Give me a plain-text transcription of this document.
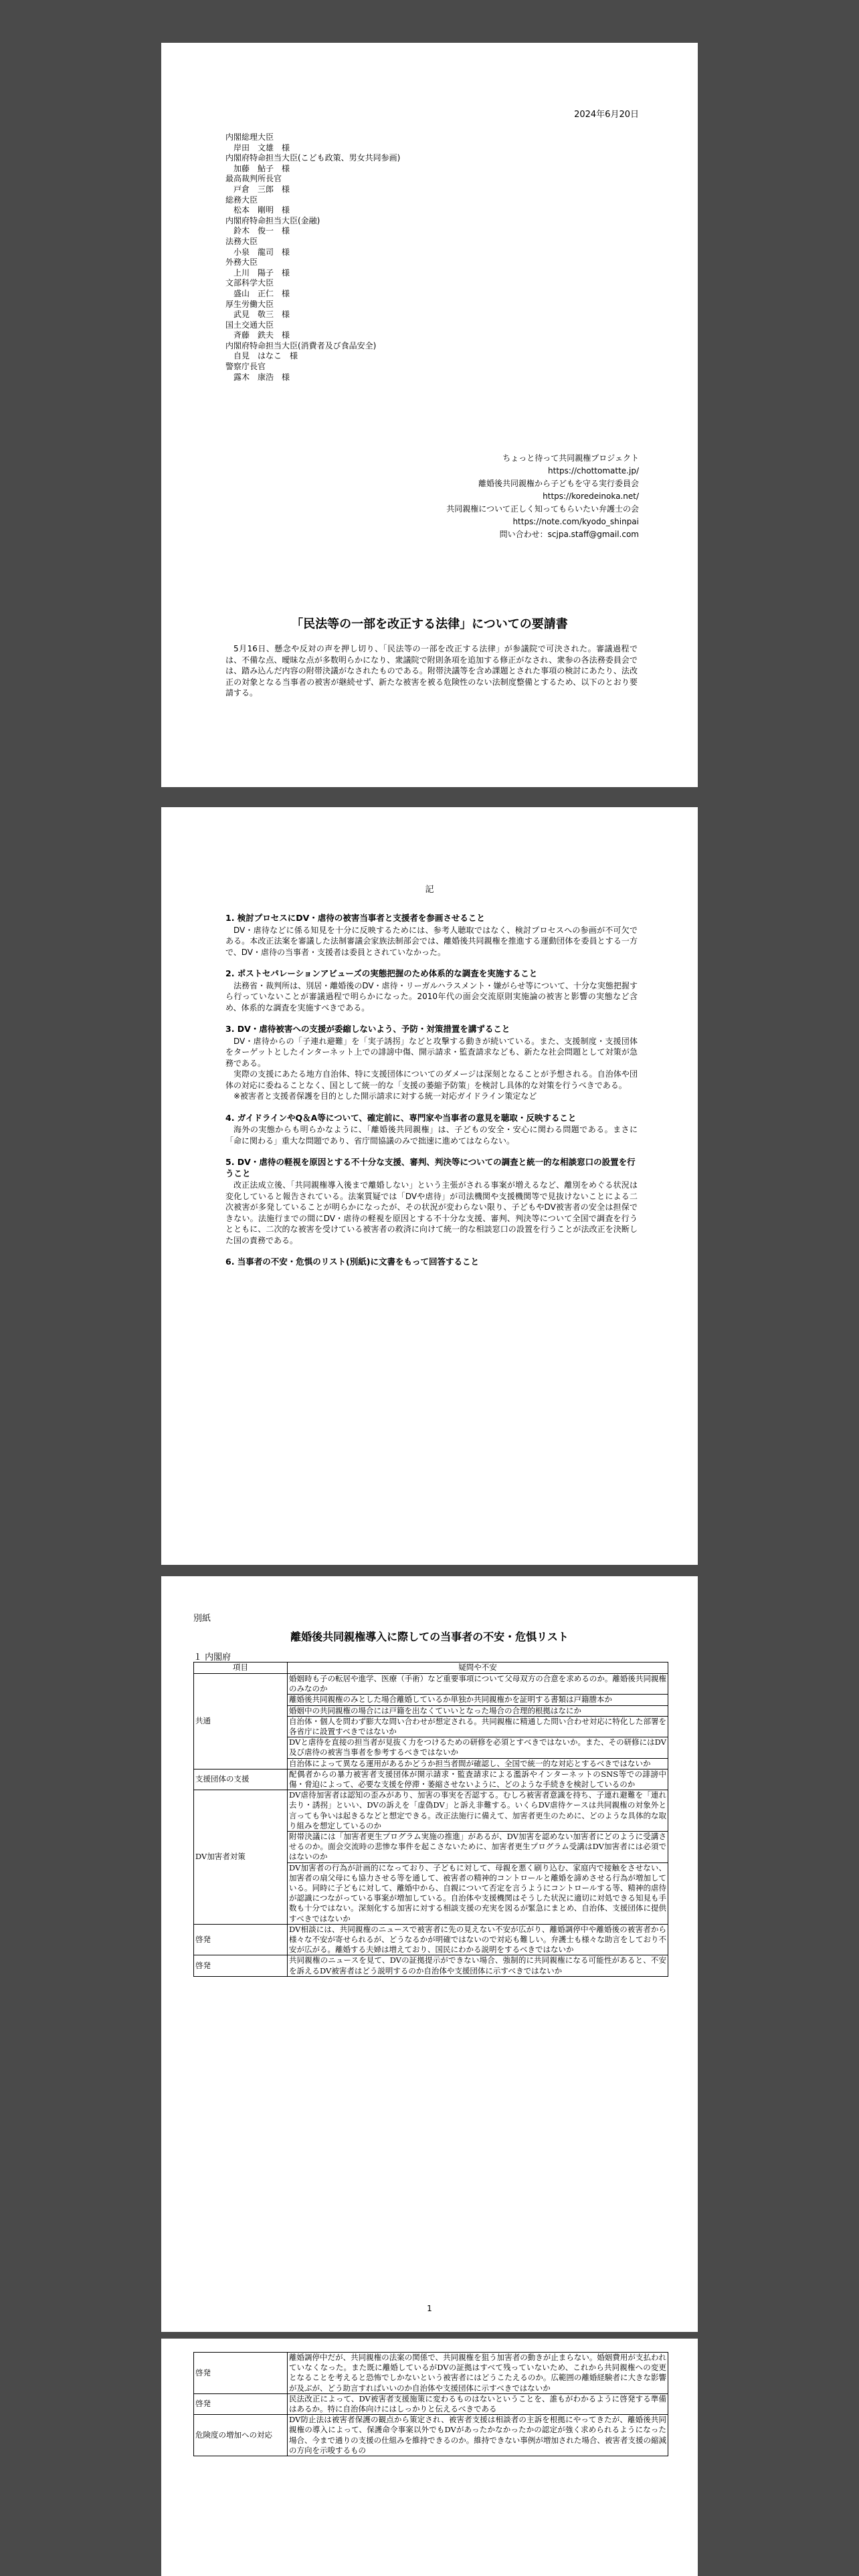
2024年6月20日
内閣総理大臣
岸田　文雄　様
内閣府特命担当大臣(こども政策、男女共同参画)
加藤　鮎子　様
最高裁判所長官
戸倉　三郎　様
総務大臣
松本　剛明　様
内閣府特命担当大臣(金融)
鈴木　俊一　様
法務大臣
小泉　龍司　様
外務大臣
上川　陽子　様
文部科学大臣
盛山　正仁　様
厚生労働大臣
武見　敬三　様
国土交通大臣
斉藤　鉄夫　様
内閣府特命担当大臣(消費者及び食品安全)
自見　はなこ　様
警察庁長官
露木　康浩　様
ちょっと待って共同親権プロジェクト
https://chottomatte.jp/
離婚後共同親権から子どもを守る実行委員会
https://koredeinoka.net/
共同親権について正しく知ってもらいたい弁護士の会
https://note.com/kyodo_shinpai
問い合わせ：scjpa.staff@gmail.com
「民法等の一部を改正する法律」についての要請書

5月16日、懸念や反対の声を押し切り、「民法等の一部を改正する法律」が参議院で可決された。審議過程では、不備な点、曖昧な点が多数明らかになり、衆議院で附則条項を追加する修正がなされ、衆参の各法務委員会では、踏み込んだ内容の附帯決議がなされたものである。附帯決議等を含め課題とされた事項の検討にあたり、法改正の対象となる当事者の被害が継続せず、新たな被害を被る危険性のない法制度整備とするため、以下のとおり要請する。

記
1. 検討プロセスにDV・虐待の被害当事者と支援者を参画させること

DV・虐待などに係る知見を十分に反映するためには、参考人聴取ではなく、検討プロセスへの参画が不可欠である。本改正法案を審議した法制審議会家族法制部会では、離婚後共同親権を推進する運動団体を委員とする一方で、DV・虐待の当事者・支援者は委員とされていなかった。

2. ポストセパレーションアビューズの実態把握のため体系的な調査を実施すること

法務省・裁判所は、別居・離婚後のDV・虐待・リーガルハラスメント・嫌がらせ等について、十分な実態把握すら行っていないことが審議過程で明らかになった。2010年代の面会交流原則実施論の被害と影響の実態など含め、体系的な調査を実施すべきである。

3. DV・虐待被害への支援が委縮しないよう、予防・対策措置を講ずること

DV・虐待からの「子連れ避難」を「実子誘拐」などと攻撃する動きが続いている。また、支援制度・支援団体をターゲットとしたインターネット上での誹謗中傷、開示請求・監査請求なども、新たな社会問題として対策が急務である。

実際の支援にあたる地方自治体、特に支援団体についてのダメージは深刻となることが予想される。自治体や団体の対応に委ねることなく、国として統一的な「支援の萎縮予防策」を検討し具体的な対策を行うべきである。

※被害者と支援者保護を目的とした開示請求に対する統一対応ガイドライン策定など

4. ガイドラインやQ＆A等について、確定前に、専門家や当事者の意見を聴取・反映すること

海外の実態からも明らかなように、「離婚後共同親権」は、子どもの安全・安心に関わる問題である。まさに「命に関わる」重大な問題であり、省庁間協議のみで拙速に進めてはならない。

5. DV・虐待の軽視を原因とする不十分な支援、審判、判決等についての調査と統一的な相談窓口の設置を行うこと

改正法成立後、「共同親権導入後まで離婚しない」という主張がされる事案が増えるなど、離別をめぐる状況は変化していると報告されている。法案質疑では「DVや虐待」が司法機関や支援機関等で見抜けないことによる二次被害が多発していることが明らかになったが、その状況が変わらない限り、子どもやDV被害者の安全は担保できない。法施行までの間にDV・虐待の軽視を原因とする不十分な支援、審判、判決等について全国で調査を行うとともに、二次的な被害を受けている被害者の救済に向けて統一的な相談窓口の設置を行うことが法改正を決断した国の責務である。

6. 当事者の不安・危惧のリスト(別紙)に文書をもって回答すること
別紙
離婚後共同親権導入に際しての当事者の不安・危惧リスト
１ 内閣府
項目	疑問や不安
共通	婚姻時も子の転居や進学、医療（手術）など重要事項について父母双方の合意を求めるのか。離婚後共同親権のみなのか
	離婚後共同親権のみとした場合離婚しているか単独か共同親権かを証明する書類は戸籍謄本か
	婚姻中の共同親権の場合には戸籍を出なくていいとなった場合の合理的根拠はなにか
	自治体・個人を問わず膨大な問い合わせが想定される。共同親権に精通した問い合わせ対応に特化した部署を各省庁に設置すべきではないか
	DVと虐待を直接の担当者が見抜く力をつけるための研修を必須とすべきではないか。また、その研修にはDV及び虐待の被害当事者を参考するべきではないか
	自治体によって異なる運用があるかどうか担当者間が確認し、全国で統一的な対応とするべきではないか
支援団体の支援	配偶者からの暴力被害者支援団体が開示請求・監査請求による濫訴やインターネットのSNS等での誹謗中傷・脅迫によって、必要な支援を停滞・萎縮させないように、どのような手続きを検討しているのか
DV加害者対策	DV虐待加害者は認知の歪みがあり、加害の事実を否認する。むしろ被害者意識を持ち、子連れ避難を「連れ去り・誘拐」といい、DVの訴えを「虚偽DV」と訴え非難する。いくらDV虐待ケースは共同親権の対象外と言っても争いは起きるなどと想定できる。改正法施行に備えて、加害者更生のために、どのような具体的な取り組みを想定しているのか
	附帯決議には「加害者更生プログラム実施の推進」があるが、DV加害を認めない加害者にどのように受講させるのか。面会交流時の悲惨な事件を起こさないために、加害者更生プログラム受講はDV加害者には必須ではないのか
	DV加害者の行為が計画的になっており、子どもに対して、母親を悪く刷り込む、家庭内で接触をさせない、加害者の扇父母にも協力させる等を通して、被害者の精神的コントロールと離婚を諦めさせる行為が増加している。同時に子どもに対して、離婚中から、自親について否定を言うようにコントロールする等、精神的虐待が認識につながっている事案が増加している。自治体や支援機関はそうした状況に適切に対処できる知見も手数も十分ではない。深刻化する加害に対する相談支援の充実を図るが緊急にまとめ、自治体、支援団体に提供すべきではないか
啓発	DV相談には、共同親権のニュースで被害者に先の見えない不安が広がり、離婚調停中や離婚後の被害者から様々な不安が寄せられるが、どうなるかが明確ではないので対応も難しい。弁護士も様々な助言をしており不安が広がる。離婚する夫婦は増えており、国民にわかる説明をするべきではないか
啓発	共同親権のニュースを見て、DVの証拠提示ができない場合、強制的に共同親権になる可能性があると、不安を訴えるDV被害者はどう説明するのか自治体や支援団体に示すべきではないか
1
啓発	離婚調停中だが、共同親権の法案の関係で、共同親権を狙う加害者の動きが止まらない。婚姻費用が支払われていなくなった。また既に離婚しているがDVの証拠はすべて残っていないため、これから共同親権への変更となることを考えると恐怖でしかないという被害者にはどうこたえるのか。広範囲の離婚経験者に大きな影響が及ぶが、どう助言すればいいのか自治体や支援団体に示すべきではないか
啓発	民法改正によって、DV被害者支援施策に変わるものはないということを、誰もがわかるように啓発する準備はあるか。特に自治体向けにはしっかりと伝えるべきである
危険度の増加への対応	DV防止法は被害者保護の観点から策定され、被害者支援は相談者の主訴を根拠にやってきたが、離婚後共同親権の導入によって、保護命令事案以外でもDVがあったかなかったかの認定が強く求められるようになった場合、今まで通りの支援の仕組みを維持できるのか。維持できない事例が増加された場合、被害者支援の縮減の方向を示唆するもの
